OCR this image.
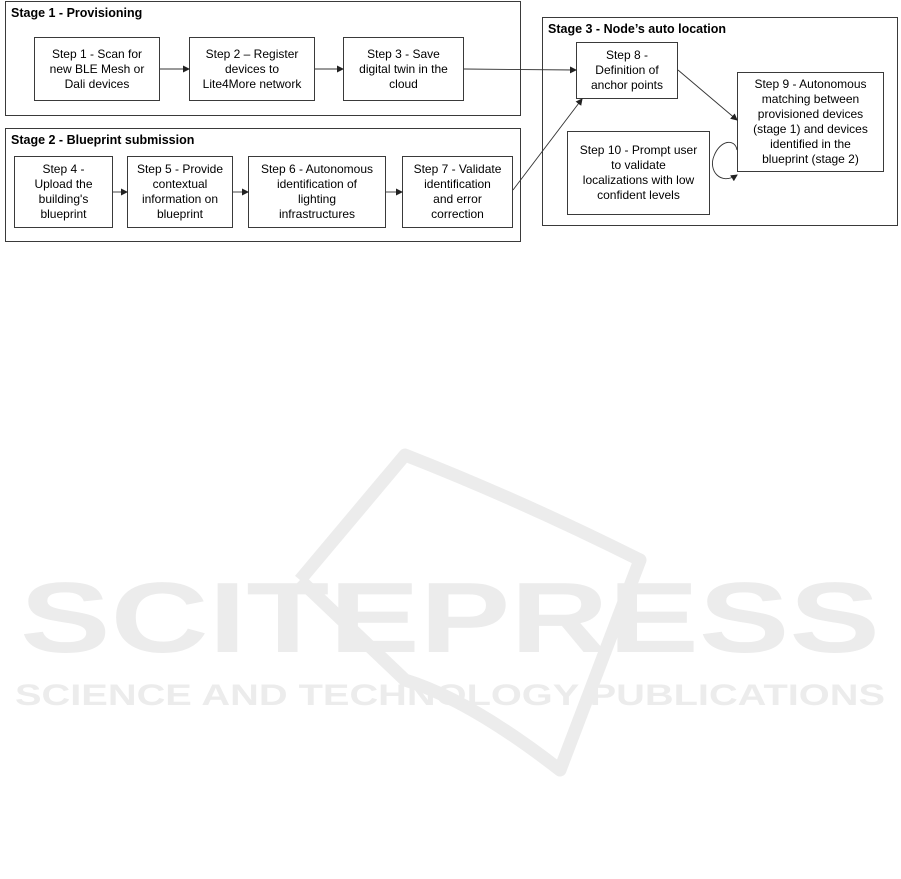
SCITEPRESS
SCIENCE AND TECHNOLOGY PUBLICATIONS
Stage 1 - Provisioning
Stage 2 - Blueprint submission
Stage 3 - Node’s auto location
Step 1 - Scan for
new BLE Mesh or
Dali devices
Step 2 – Register
devices to
Lite4More network
Step 3 - Save
digital twin in the
cloud
Step 4 -
Upload the
building's
blueprint
Step 5 - Provide
contextual
information on
blueprint
Step 6 - Autonomous
identification of
lighting
infrastructures
Step 7 - Validate
identification
and error
correction
Step 8 -
Definition of
anchor points	Step 9 - Autonomous
matching between
provisioned devices
(stage 1) and devices
identified in the
blueprint (stage 2)
Step 10 - Prompt user
to validate
localizations with low
confident levels
